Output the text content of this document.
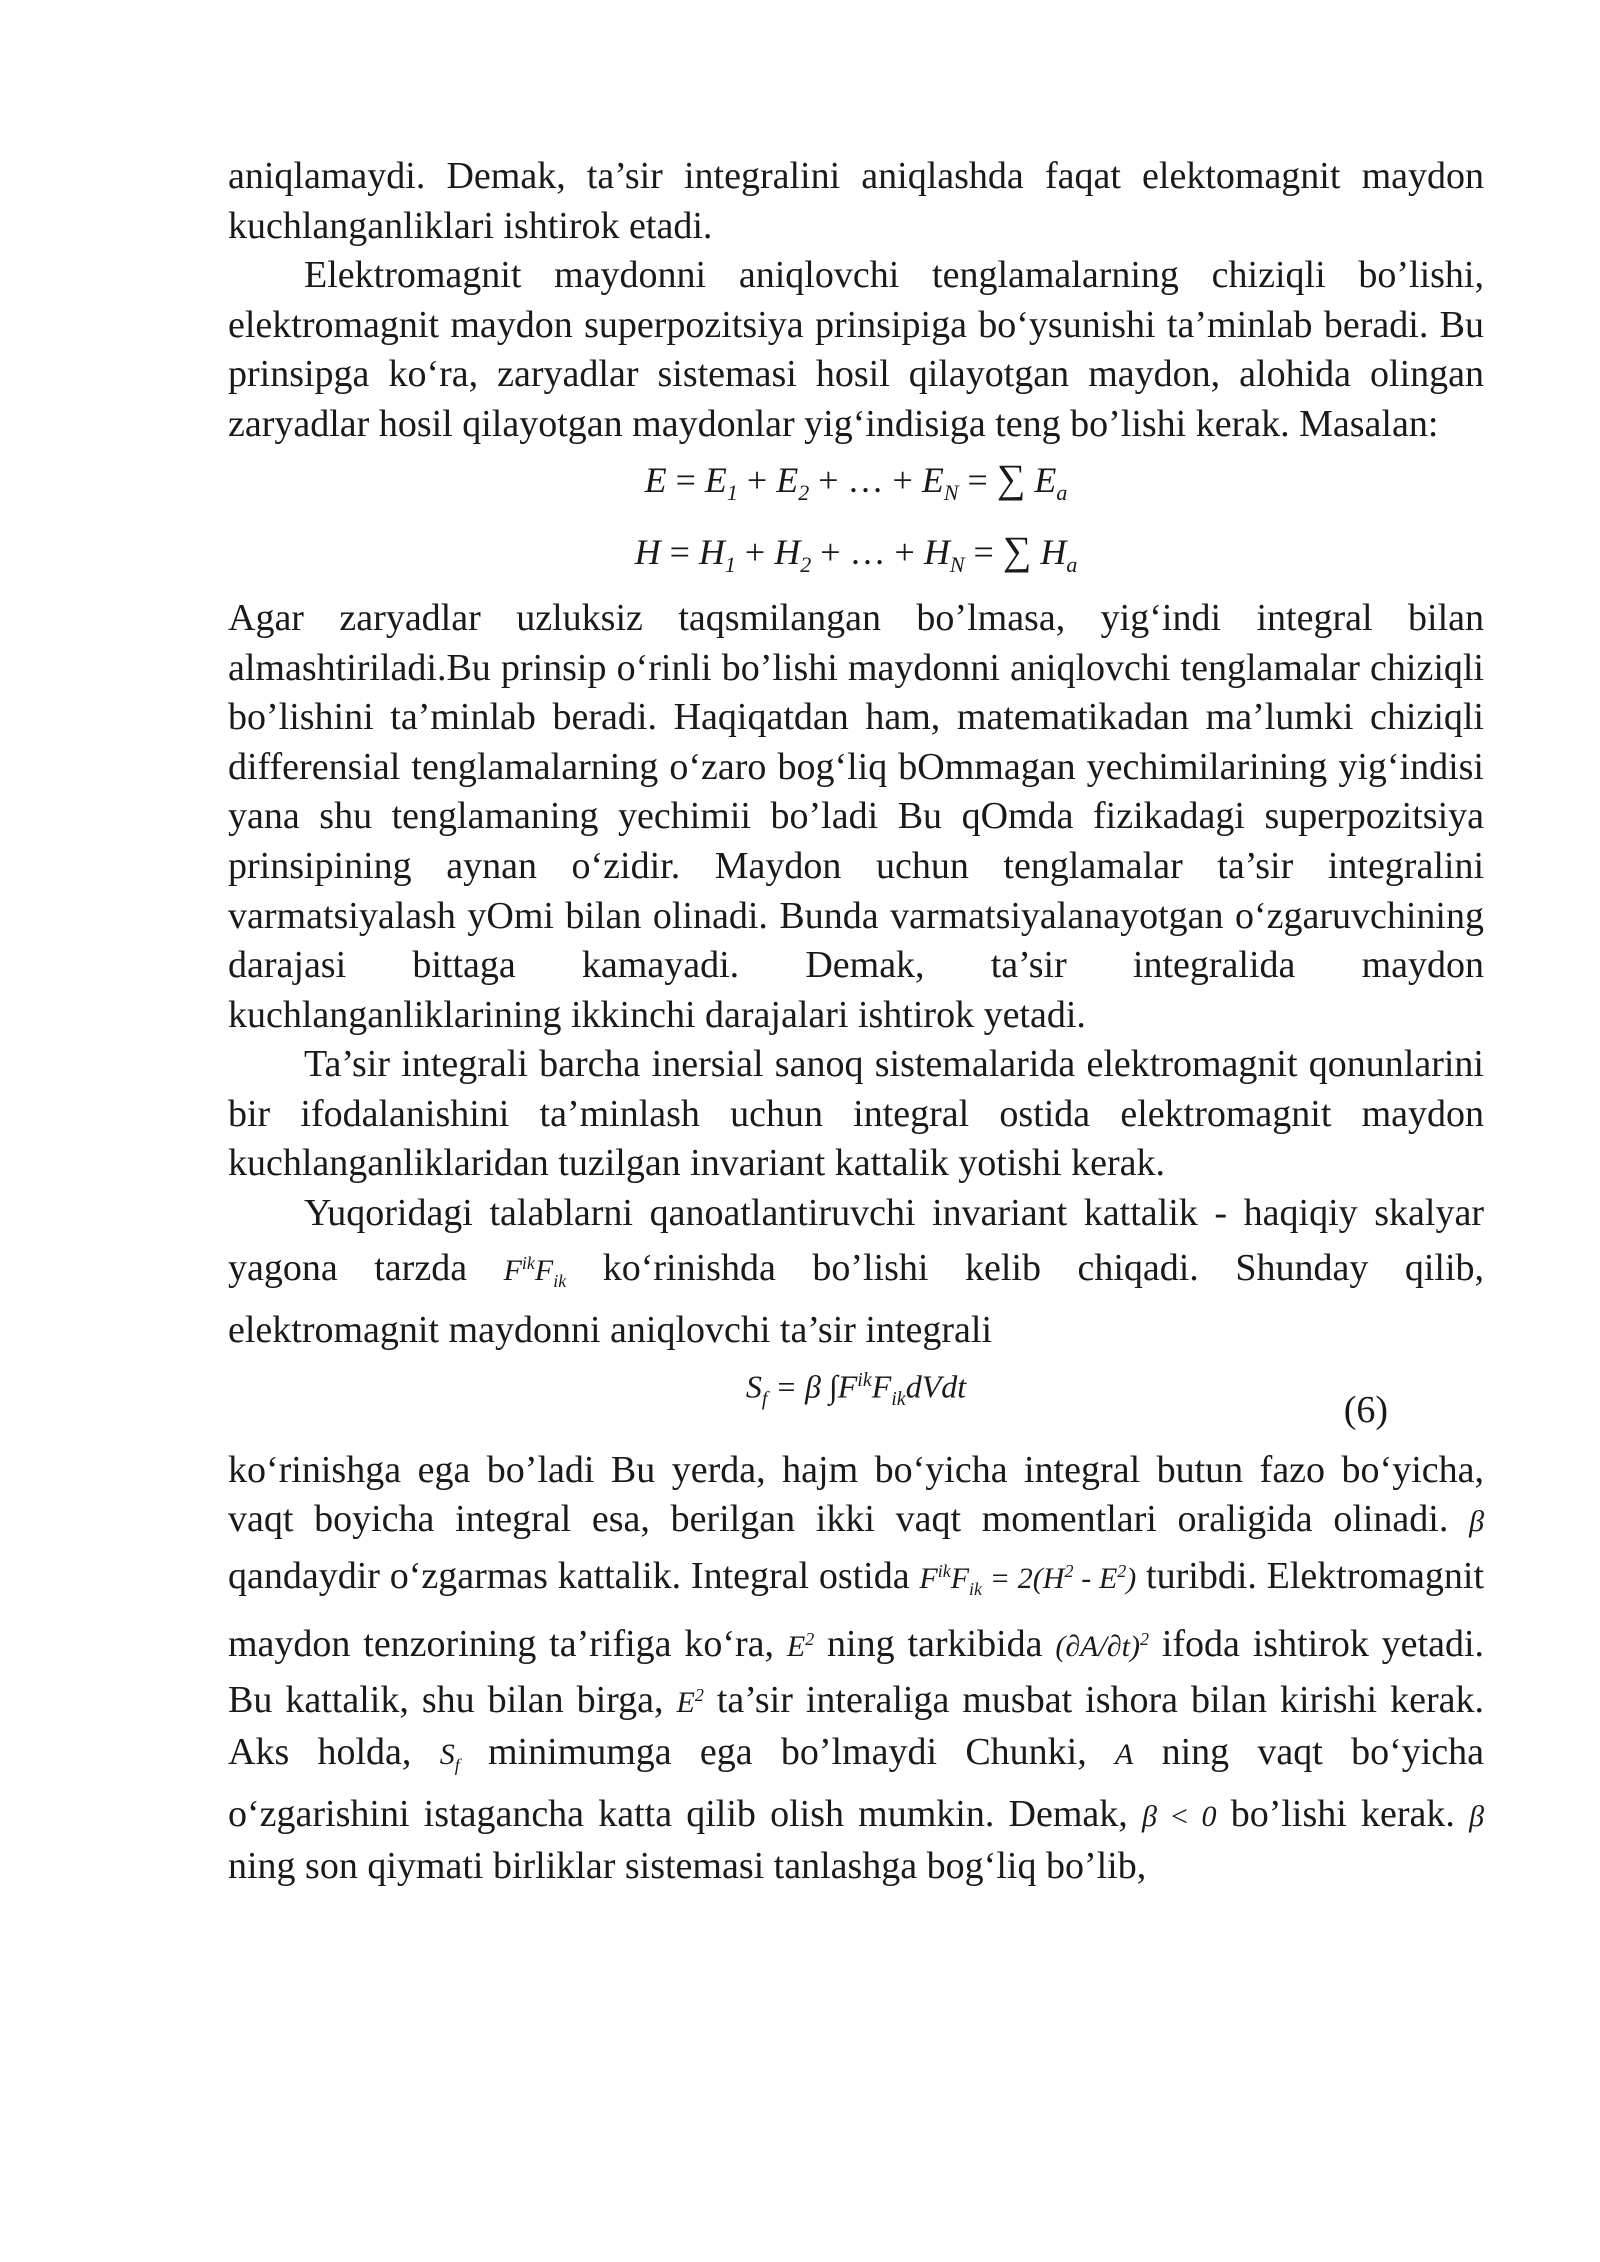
aniqlamaydi. Demak, ta’sir integralini aniqlashda faqat elektomagnit maydon kuchlanganliklari ishtirok etadi.

Elektromagnit maydonni aniqlovchi tenglamalarning chiziqli bo’lishi, elektromagnit maydon superpozitsiya prinsipiga bo‘ysunishi ta’minlab beradi. Bu prinsipga ko‘ra, zaryadlar sistemasi hosil qilayotgan maydon, alohida olingan zaryadlar hosil qilayotgan maydonlar yig‘indisiga teng bo’lishi kerak. Masalan:

$E = E_1 + E_2$ + … + $E_N$ = ∑ $E_a$

$H = H_1 + H_2$ + … + $H_N$ = ∑ $H_a$

Agar zaryadlar uzluksiz taqsmilangan bo’lmasa, yig‘indi integral bilan almashtiriladi.Bu prinsip o‘rinli bo’lishi maydonni aniqlovchi tenglamalar chiziqli bo’lishini ta’minlab beradi. Haqiqatdan ham, matematikadan ma’lumki chiziqli differensial tenglamalarning o‘zaro bog‘liq bOmmagan yechimilarining yig‘indisi yana shu tenglamaning yechimii bo’ladi Bu qOmda fizikadagi superpozitsiya prinsipining aynan o‘zidir. Maydon uchun tenglamalar ta’sir integralini varmatsiyalash yOmi bilan olinadi. Bunda varmatsiyalanayotgan o‘zgaruvchining darajasi bittaga kamayadi. Demak, ta’sir integralida maydon kuchlanganliklarining ikkinchi darajalari ishtirok yetadi.

Ta’sir integrali barcha inersial sanoq sistemalarida elektromagnit qonunlarini bir ifodalanishini ta’minlash uchun integral ostida elektromagnit maydon kuchlanganliklaridan tuzilgan invariant kattalik yotishi kerak.

Yuqoridagi talablarni qanoatlantiruvchi invariant kattalik - haqiqiy skalyar yagona tarzda $F^{ik}F_{ik}$ ko‘rinishda bo’lishi kelib chiqadi. Shunday qilib, elektromagnit maydonni aniqlovchi ta’sir integrali

$S_f = \beta$ $\int F^{ik}F_{ik}dVdt$
(6)

ko‘rinishga ega bo’ladi Bu yerda, hajm bo‘yicha integral butun fazo bo‘yicha, vaqt boyicha integral esa, berilgan ikki vaqt momentlari oraligida olinadi. β qandaydir o‘zgarmas kattalik. Integral ostida $F^{ik}F_{ik} = 2(H^2 - E^2)$ turibdi. Elektromagnit maydon tenzorining ta’rifiga ko‘ra, $E^2$ ning tarkibida $(\partial A/\partial t)^2$ ifoda ishtirok yetadi. Bu kattalik, shu bilan birga, $E^2$ ta’sir interaliga musbat ishora bilan kirishi kerak. Aks holda, $S_f$ minimumga ega bo’lmaydi Chunki, A ning vaqt bo‘yicha o‘zgarishini istagancha katta qilib olish mumkin. Demak, β < 0 bo’lishi kerak. β ning son qiymati birliklar sistemasi tanlashga bog‘liq bo’lib,
